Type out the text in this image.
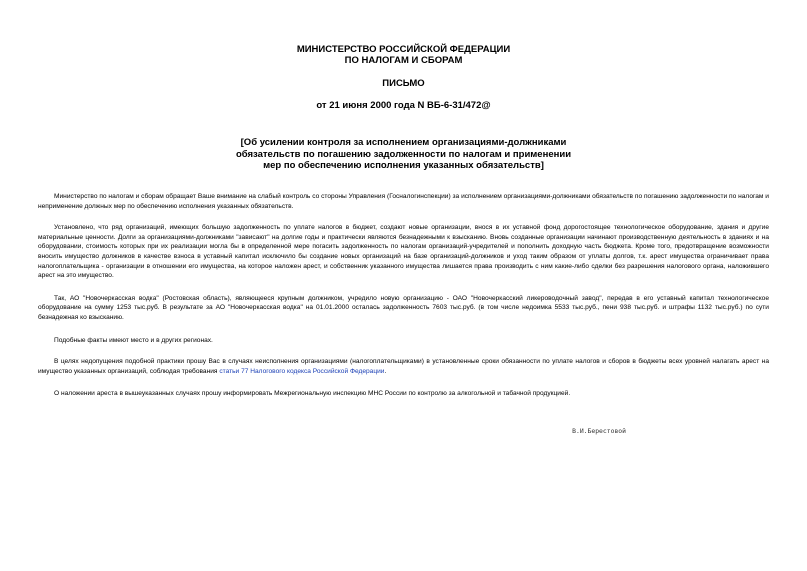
МИНИСТЕРСТВО РОССИЙСКОЙ ФЕДЕРАЦИИ
ПО НАЛОГАМ И СБОРАМ
ПИСЬМО
от 21 июня 2000 года N ВБ-6-31/472@
[Об усилении контроля за исполнением организациями-должниками
обязательств по погашению задолженности по налогам и применении
мер по обеспечению исполнения указанных обязательств]

Министерство по налогам и сборам обращает Ваше внимание на слабый контроль со стороны Управления (Госналогинспекции) за исполнением организациями-должниками обязательств по погашению задолженности по налогам и неприменение должных мер по обеспечению исполнения указанных обязательств.

Установлено, что ряд организаций, имеющих большую задолженность по уплате налогов в бюджет, создают новые организации, внося в их уставной фонд дорогостоящее технологическое оборудование, здания и другие материальные ценности. Долги за организациями-должниками "зависают" на долгие годы и практически являются безнадежными к взысканию. Вновь созданные организации начинают производственную деятельность в зданиях и на оборудовании, стоимость которых при их реализации могла бы в определенной мере погасить задолженность по налогам организаций-учредителей и пополнить доходную часть бюджета. Кроме того, предотвращение возможности вносить имущество должников в качестве взноса в уставный капитал исключило бы создание новых организаций на базе организаций-должников и уход таким образом от уплаты долгов, т.к. арест имущества ограничивает права налогоплательщика - организации в отношении его имущества, на которое наложен арест, и собственник указанного имущества лишается права производить с ним какие-либо сделки без разрешения налогового органа, наложившего арест на это имущество.

Так, АО "Новочеркасская водка" (Ростовская область), являющееся крупным должником, учредило новую организацию - ОАО "Новочеркасский ликероводочный завод", передав в его уставный капитал технологическое оборудование на сумму 1253 тыс.руб. В результате за АО "Новочеркасская водка" на 01.01.2000 осталась задолженность 7603 тыс.руб. (в том числе недоимка 5533 тыс.руб., пени 938 тыс.руб. и штрафы 1132 тыс.руб.) по сути безнадежная ко взысканию.

Подобные факты имеют место и в других регионах.

В целях недопущения подобной практики прошу Вас в случаях неисполнения организациями (налогоплательщиками) в установленные сроки обязанности по уплате налогов и сборов в бюджеты всех уровней налагать арест на имущество указанных организаций, соблюдая требования статьи 77 Налогового кодекса Российской Федерации.

О наложении ареста в вышеуказанных случаях прошу информировать Межрегиональную инспекцию МНС России по контролю за алкогольной и табачной продукцией.

В.И.Берестовой
